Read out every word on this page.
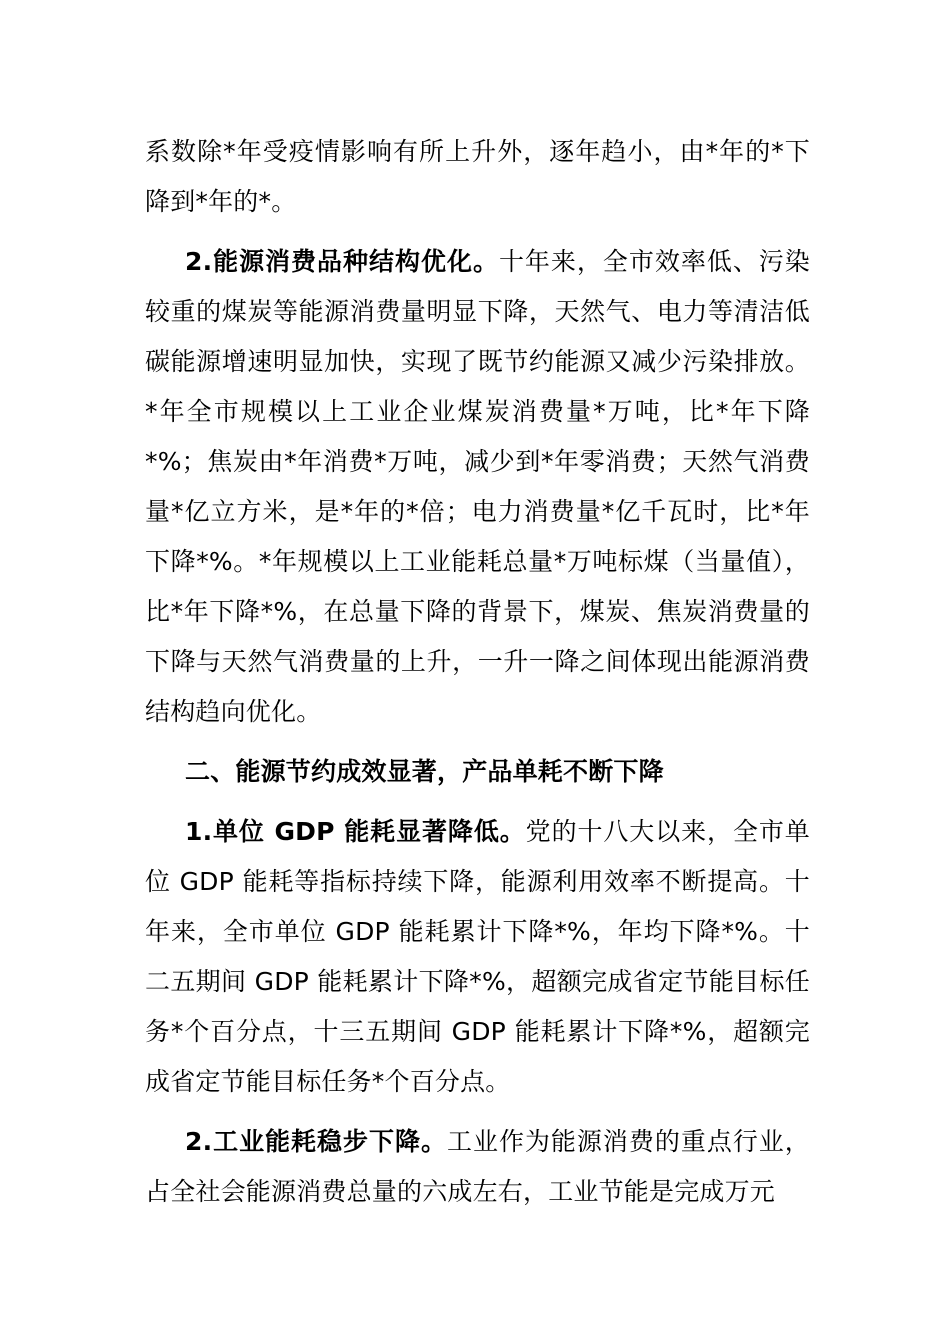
系数除*年受疫情影响有所上升外，逐年趋小，由*年的*下降到*年的*。

2.能源消费品种结构优化。十年来，全市效率低、污染较重的煤炭等能源消费量明显下降，天然气、电力等清洁低碳能源增速明显加快，实现了既节约能源又减少污染排放。*年全市规模以上工业企业煤炭消费量*万吨，比*年下降*%；焦炭由*年消费*万吨，减少到*年零消费；天然气消费量*亿立方米，是*年的*倍；电力消费量*亿千瓦时，比*年下降*%。*年规模以上工业能耗总量*万吨标煤（当量值），比*年下降*%，在总量下降的背景下，煤炭、焦炭消费量的下降与天然气消费量的上升，一升一降之间体现出能源消费结构趋向优化。

二、能源节约成效显著，产品单耗不断下降

1.单位 GDP 能耗显著降低。党的十八大以来，全市单位 GDP 能耗等指标持续下降，能源利用效率不断提高。十年来，全市单位 GDP 能耗累计下降*%，年均下降*%。十二五期间 GDP 能耗累计下降*%，超额完成省定节能目标任务*个百分点，十三五期间 GDP 能耗累计下降*%，超额完成省定节能目标任务*个百分点。

2.工业能耗稳步下降。工业作为能源消费的重点行业，占全社会能源消费总量的六成左右，工业节能是完成万元
